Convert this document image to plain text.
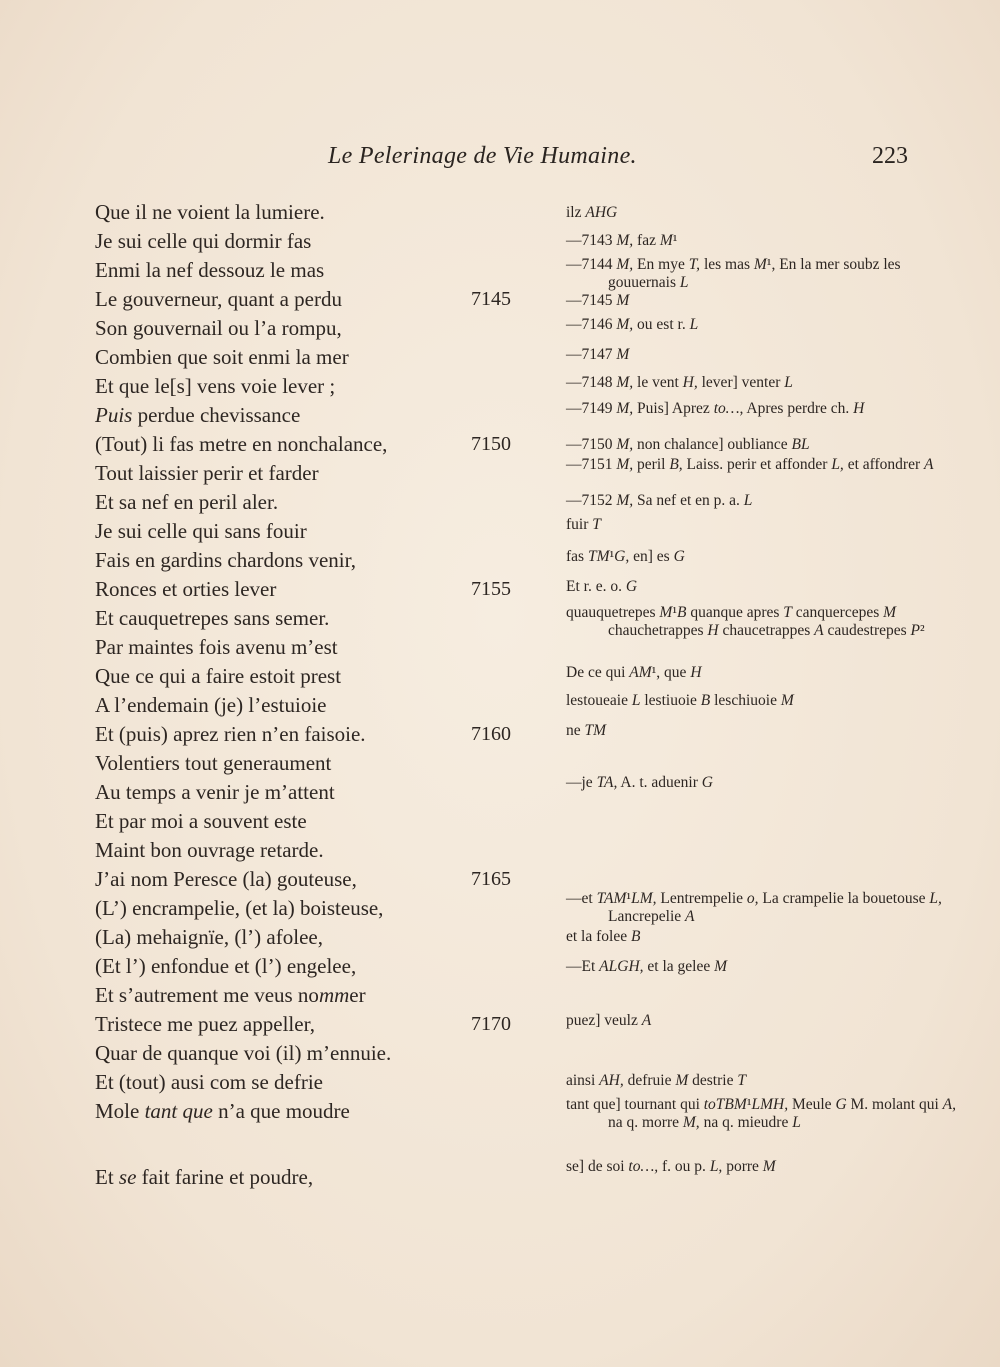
Le Pelerinage de Vie Humaine.	223
Que il ne voient la lumiere.
Je sui celle qui dormir fas
Enmi la nef dessouz le mas
Le gouverneur, quant a perdu	7145
Son gouvernail ou l’a rompu,
Combien que soit enmi la mer
Et que le[s] vens voie lever ;
Puis perdue chevissance
(Tout) li fas metre en nonchalance,	7150
Tout laissier perir et farder
Et sa nef en peril aler.
Je sui celle qui sans fouir
Fais en gardins chardons venir,
Ronces et orties lever	7155
Et cauquetrepes sans semer.
Par maintes fois avenu m’est
Que ce qui a faire estoit prest
A l’endemain (je) l’estuioie
Et (puis) aprez rien n’en faisoie.	7160
Volentiers tout generaument
Au temps a venir je m’attent
Et par moi a souvent este
Maint bon ouvrage retarde.
J’ai nom Peresce (la) gouteuse,	7165
(L’) encrampelie, (et la) boisteuse,
(La) mehaignïe, (l’) afolee,
(Et l’) enfondue et (l’) engelee,
Et s’autrement me veus nommer
Tristece me puez appeller,	7170
Quar de quanque voi (il) m’ennuie.
Et (tout) ausi com se defrie
Mole tant que n’a que moudre
Et se fait farine et poudre,
ilz AHG
—7143 M, faz M¹
—7144 M, En mye T, les mas M¹, En la mer soubz les gouuernais L
—7145 M
—7146 M, ou est r. L
—7147 M
—7148 M, le vent H, lever] venter L
—7149 M, Puis] Aprez to…, Apres perdre ch. H
—7150 M, non chalance] oubliance BL
—7151 M, peril B, Laiss. perir et affonder L, et affondrer A
—7152 M, Sa nef et en p. a. L
fuir T
fas TM¹G, en] es G
Et r. e. o. G
quauquetrepes M¹B quanque apres T canquercepes M chauchetrappes H chaucetrappes A caudestrepes P²
De ce qui AM¹, que H
lestoueaie L lestiuoie B leschiuoie M
ne TM
—je TA, A. t. aduenir G
—et TAM¹LM, Lentrempelie o, La crampelie la bouetouse L, Lancrepelie A
et la folee B
—Et ALGH, et la gelee M
puez] veulz A
ainsi AH, defruie M destrie T
tant que] tournant qui toTBM¹LMH, Meule G M. molant qui A, na q. morre M, na q. mieudre L
se] de soi to…, f. ou p. L, porre M
